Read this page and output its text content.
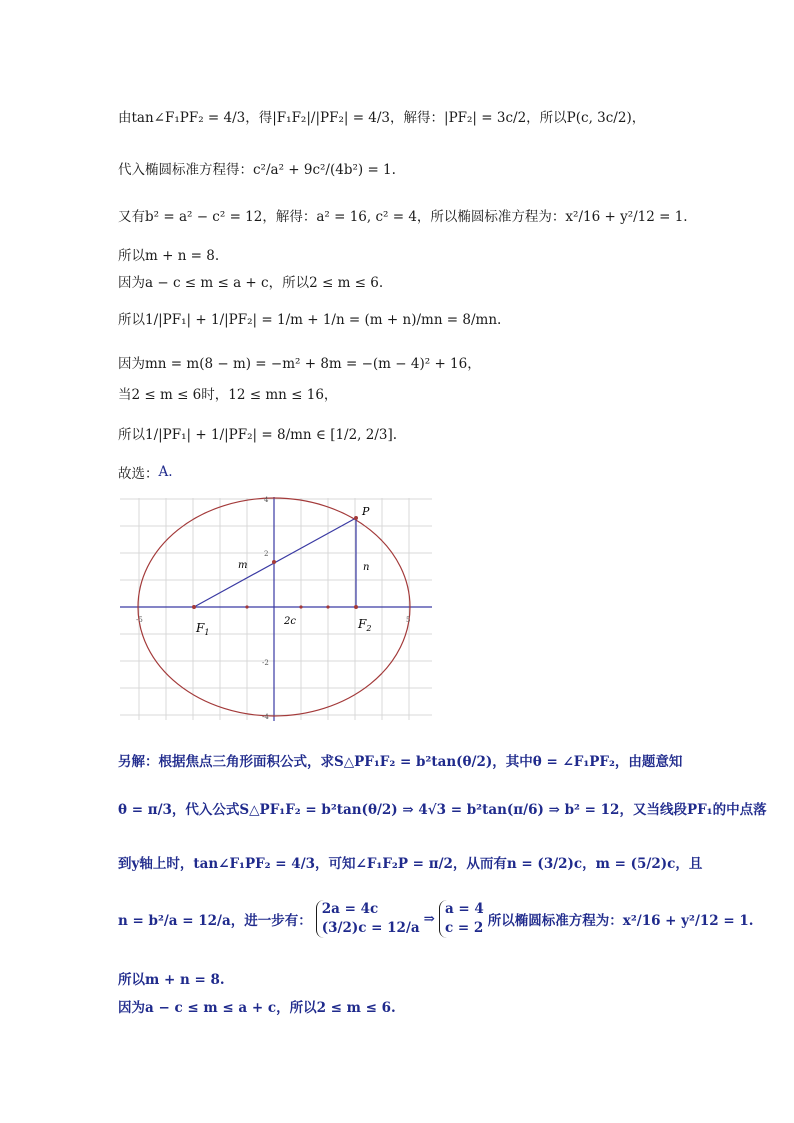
由tan∠F₁PF₂ = 4/3，得|F₁F₂|/|PF₂| = 4/3，解得：|PF₂| = 3c/2，所以P(c, 3c/2)，
代入椭圆标准方程得：c²/a² + 9c²/(4b²) = 1.
又有b² = a² − c² = 12，解得：a² = 16, c² = 4，所以椭圆标准方程为：x²/16 + y²/12 = 1.
所以m + n = 8.
因为a − c ≤ m ≤ a + c，所以2 ≤ m ≤ 6.
所以1/|PF₁| + 1/|PF₂| = 1/m + 1/n = (m + n)/mn = 8/mn.
因为mn = m(8 − m) = −m² + 8m = −(m − 4)² + 16，
当2 ≤ m ≤ 6时，12 ≤ mn ≤ 16，
所以1/|PF₁| + 1/|PF₂| = 8/mn ∈ [1/2, 2/3].
故选： A.
4
2
-2
-4
-5	5
P
m	n
2c
$F_1$
$F_2$
另解：根据焦点三角形面积公式，求S△PF₁F₂ = b²tan(θ/2)，其中θ = ∠F₁PF₂，由题意知
θ = π/3，代入公式S△PF₁F₂ = b²tan(θ/2) ⇒ 4√3 = b²tan(π/6) ⇒ b² = 12，又当线段PF₁的中点落
到y轴上时，tan∠F₁PF₂ = 4/3，可知∠F₁F₂P = π/2，从而有n = (3/2)c，m = (5/2)c，且
n = b²/a = 12/a，进一步有：
2a = 4c
(3/2)c = 12/a
⇒
a = 4
c = 2 所以椭圆标准方程为：x²/16 + y²/12 = 1.
所以m + n = 8.
因为a − c ≤ m ≤ a + c，所以2 ≤ m ≤ 6.
